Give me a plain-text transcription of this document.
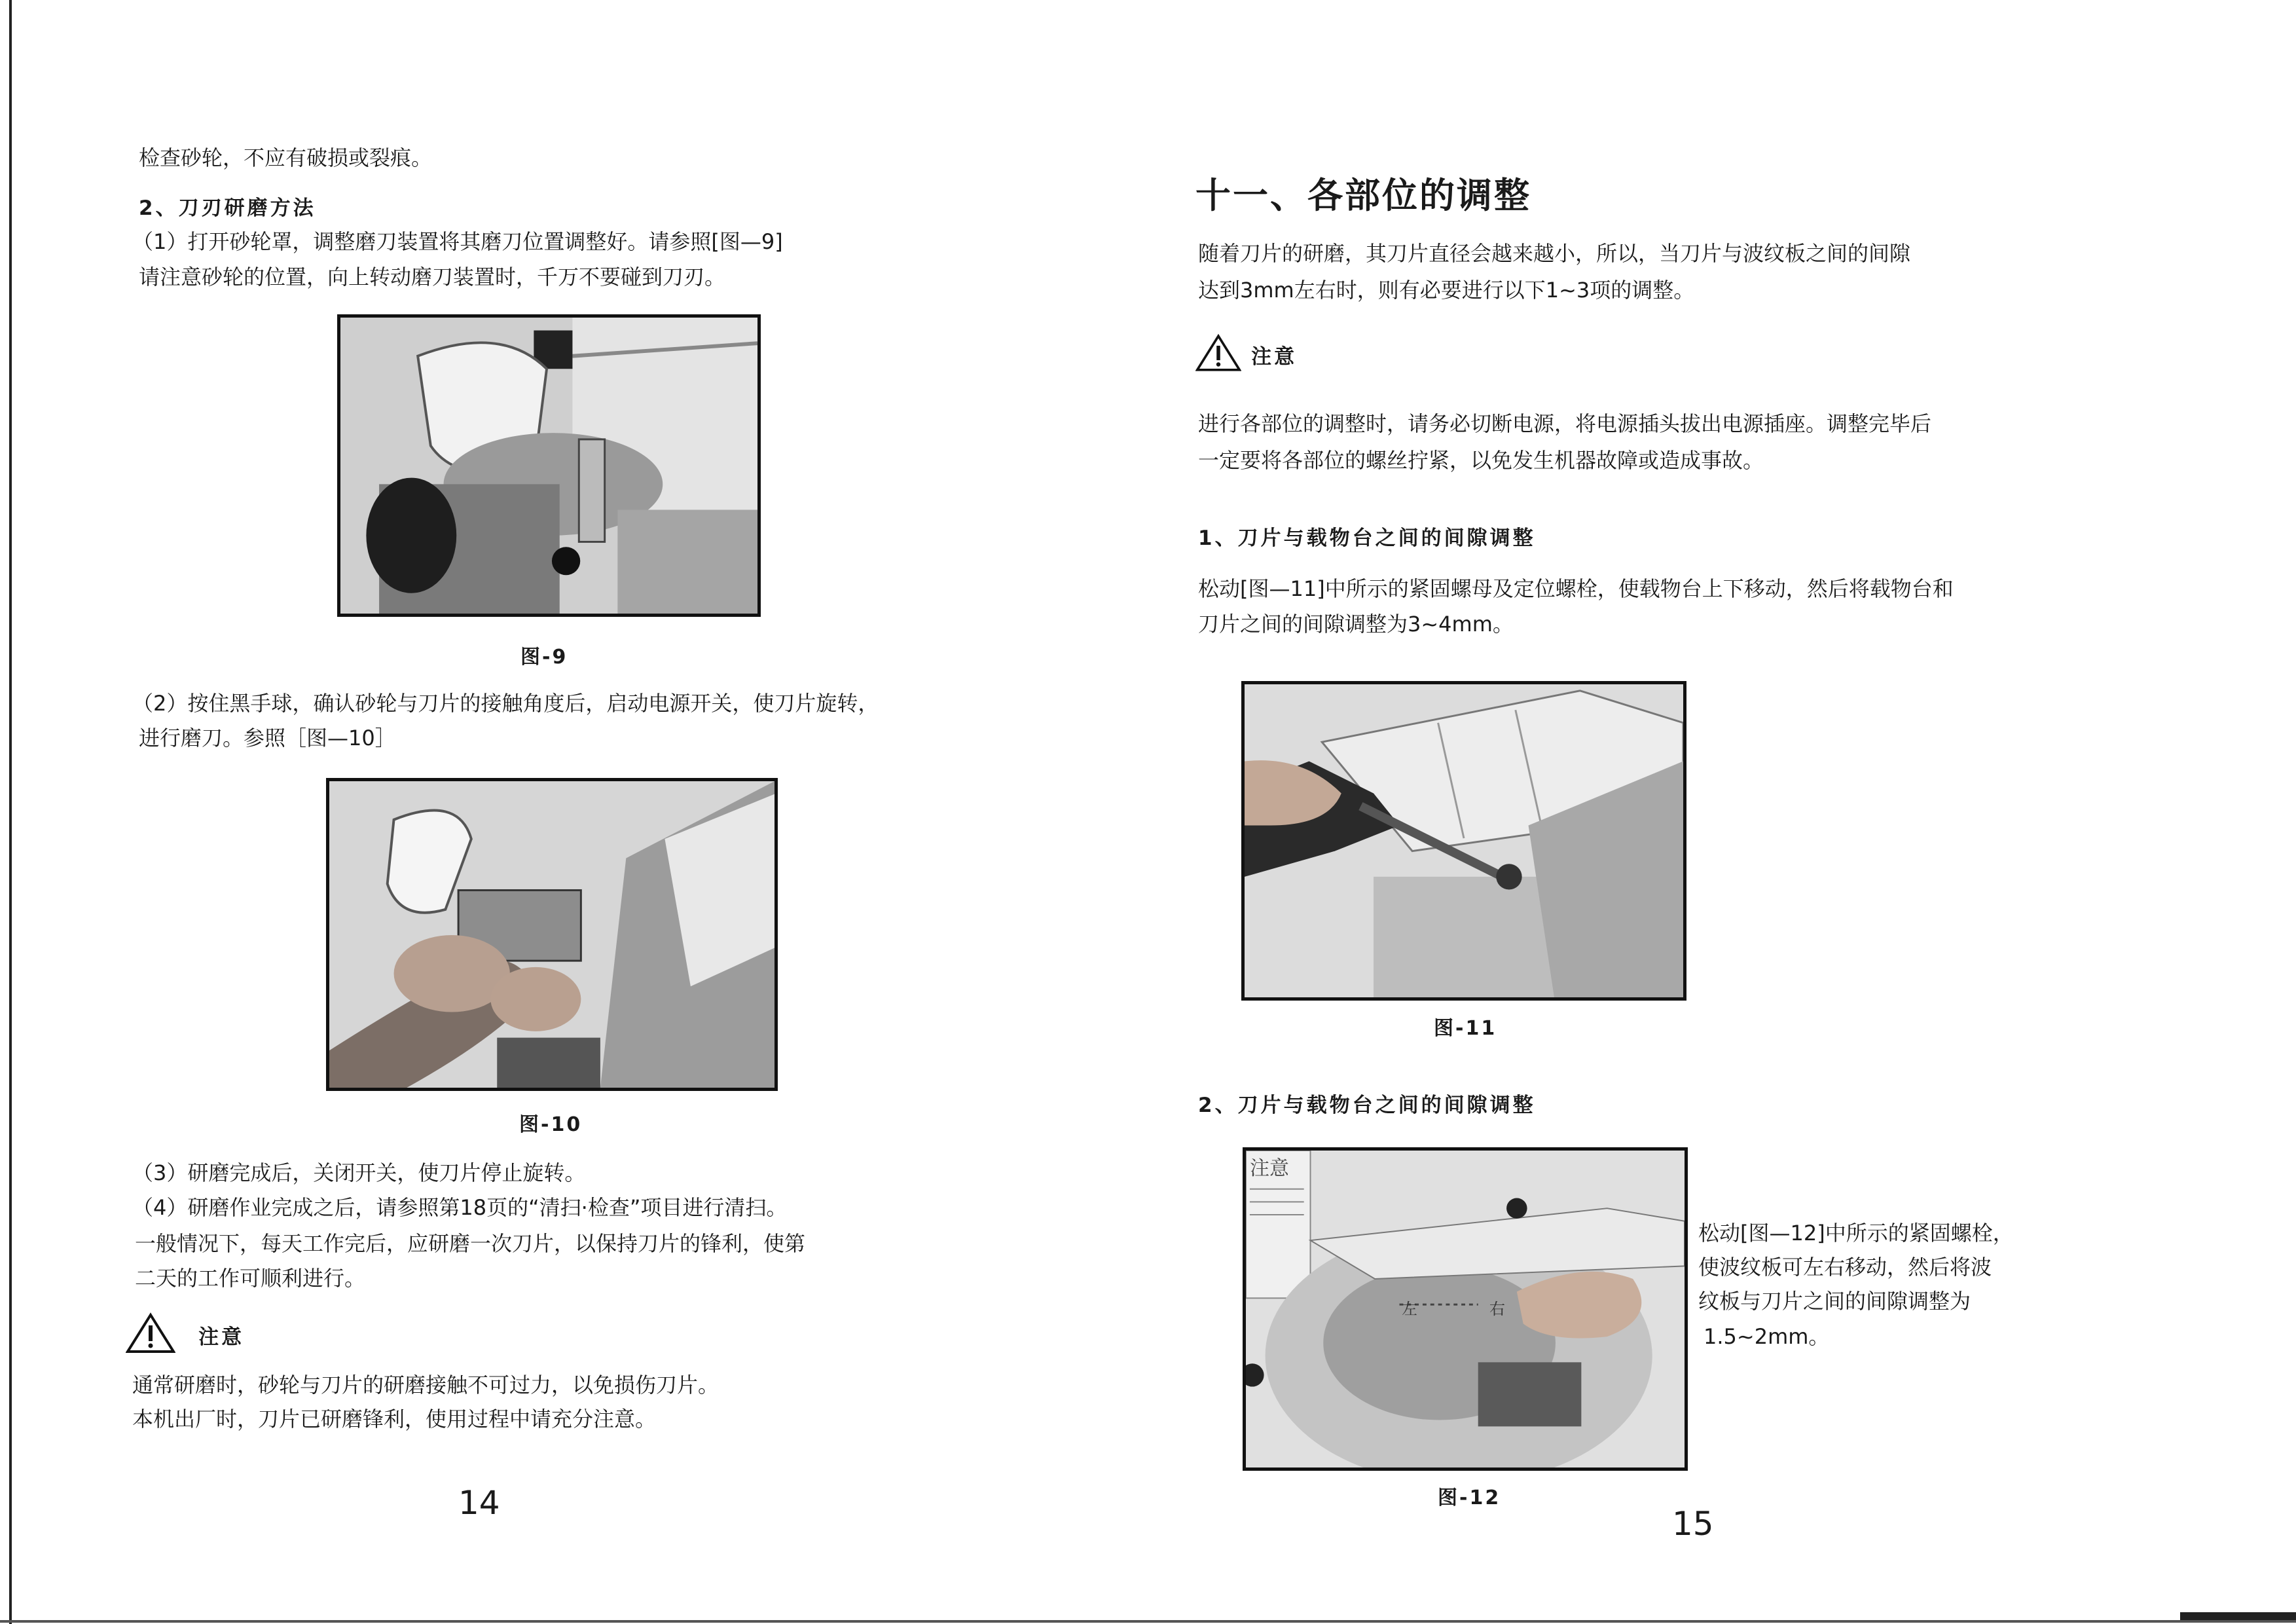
检查砂轮，不应有破损或裂痕。
2、刀刃研磨方法
（1）打开砂轮罩，调整磨刀装置将其磨刀位置调整好。请参照[图—9]
请注意砂轮的位置，向上转动磨刀装置时，千万不要碰到刀刃。
图-9
（2）按住黑手球，确认砂轮与刀片的接触角度后，启动电源开关，使刀片旋转，
进行磨刀。参照［图—10］
图-10
（3）研磨完成后，关闭开关，使刀片停止旋转。
（4）研磨作业完成之后，请参照第18页的“清扫·检查”项目进行清扫。
一般情况下，每天工作完后，应研磨一次刀片，以保持刀片的锋利，使第
二天的工作可顺利进行。
注意
通常研磨时，砂轮与刀片的研磨接触不可过力，以免损伤刀片。
本机出厂时，刀片已研磨锋利，使用过程中请充分注意。
14
十一、各部位的调整
随着刀片的研磨，其刀片直径会越来越小，所以，当刀片与波纹板之间的间隙
达到3mm左右时，则有必要进行以下1~3项的调整。
注意
进行各部位的调整时，请务必切断电源，将电源插头拔出电源插座。调整完毕后
一定要将各部位的螺丝拧紧，以免发生机器故障或造成事故。
1、刀片与载物台之间的间隙调整
松动[图—11]中所示的紧固螺母及定位螺栓，使载物台上下移动，然后将载物台和
刀片之间的间隙调整为3~4mm。
图-11
2、刀片与载物台之间的间隙调整
注意
左	右
图-12
松动[图—12]中所示的紧固螺栓，
使波纹板可左右移动，然后将波
纹板与刀片之间的间隙调整为
1.5~2mm。
15
